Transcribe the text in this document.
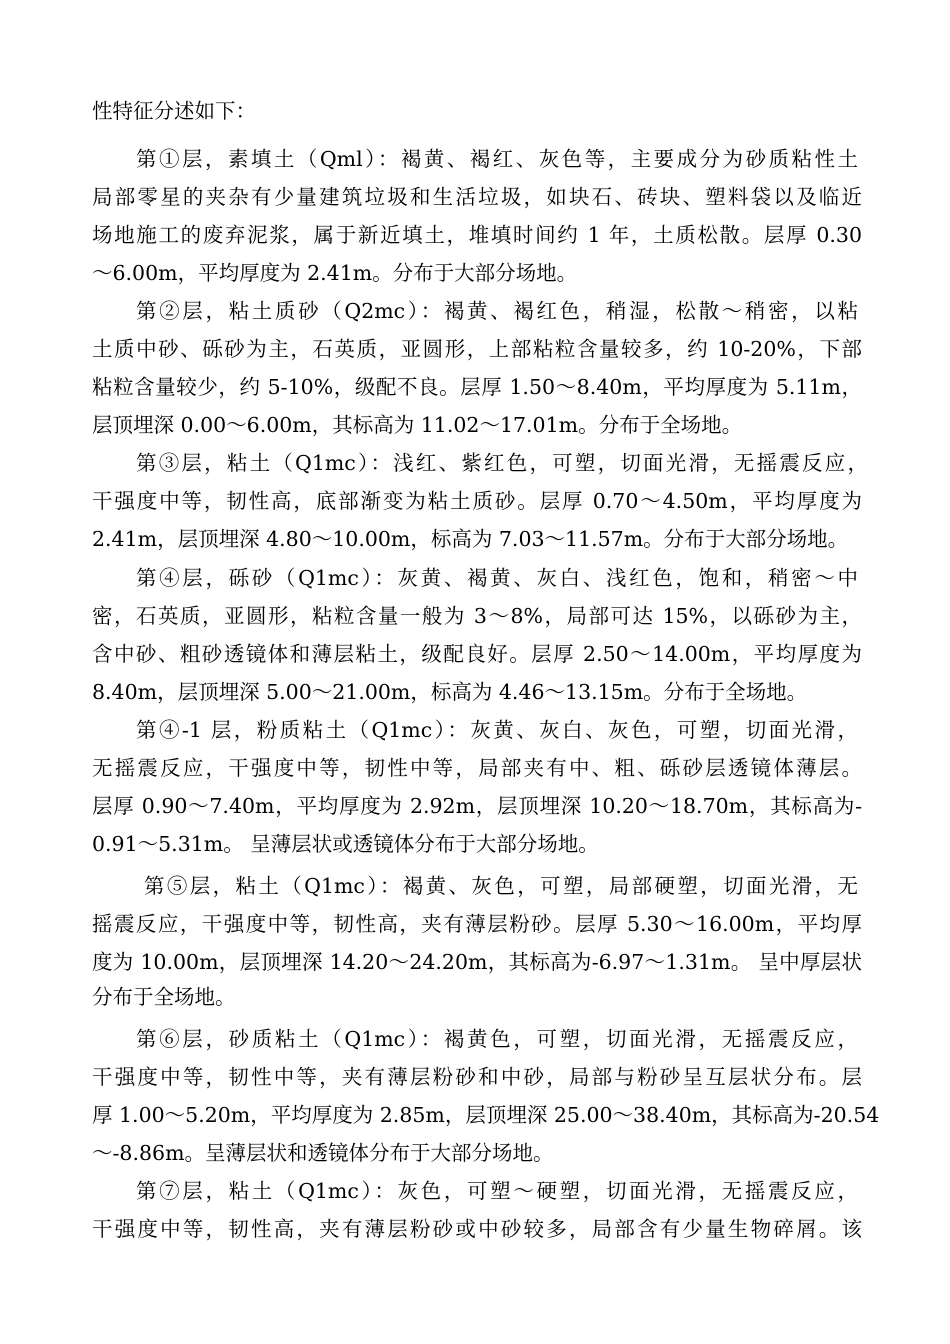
性特征分述如下：
第①层，素填土（Qml）：褐黄、褐红、灰色等，主要成分为砂质粘性土
局部零星的夹杂有少量建筑垃圾和生活垃圾，如块石、砖块、塑料袋以及临近
场地施工的废弃泥浆，属于新近填土，堆填时间约 1 年，土质松散。层厚 0.30
～6.00m，平均厚度为 2.41m。分布于大部分场地。
第②层，粘土质砂（Q2mc）：褐黄、褐红色，稍湿，松散～稍密，以粘
土质中砂、砾砂为主，石英质，亚圆形，上部粘粒含量较多，约 10-20%，下部
粘粒含量较少，约 5-10%，级配不良。层厚 1.50～8.40m，平均厚度为 5.11m，
层顶埋深 0.00～6.00m，其标高为 11.02～17.01m。分布于全场地。
第③层，粘土（Q1mc）：浅红、紫红色，可塑，切面光滑，无摇震反应，
干强度中等，韧性高，底部渐变为粘土质砂。层厚 0.70～4.50m，平均厚度为
2.41m，层顶埋深 4.80～10.00m，标高为 7.03～11.57m。分布于大部分场地。
第④层，砾砂（Q1mc）：灰黄、褐黄、灰白、浅红色，饱和，稍密～中
密，石英质，亚圆形，粘粒含量一般为 3～8%，局部可达 15%，以砾砂为主，
含中砂、粗砂透镜体和薄层粘土，级配良好。层厚 2.50～14.00m，平均厚度为
8.40m，层顶埋深 5.00～21.00m，标高为 4.46～13.15m。分布于全场地。
第④-1 层，粉质粘土（Q1mc）：灰黄、灰白、灰色，可塑，切面光滑，
无摇震反应，干强度中等，韧性中等，局部夹有中、粗、砾砂层透镜体薄层。
层厚 0.90～7.40m，平均厚度为 2.92m，层顶埋深 10.20～18.70m，其标高为-
0.91～5.31m。 呈薄层状或透镜体分布于大部分场地。
第⑤层，粘土（Q1mc）：褐黄、灰色，可塑，局部硬塑，切面光滑，无
摇震反应，干强度中等，韧性高，夹有薄层粉砂。层厚 5.30～16.00m，平均厚
度为 10.00m，层顶埋深 14.20～24.20m，其标高为-6.97～1.31m。 呈中厚层状
分布于全场地。
第⑥层，砂质粘土（Q1mc）：褐黄色，可塑，切面光滑，无摇震反应，
干强度中等，韧性中等，夹有薄层粉砂和中砂，局部与粉砂呈互层状分布。层
厚 1.00～5.20m，平均厚度为 2.85m，层顶埋深 25.00～38.40m，其标高为-20.54
～-8.86m。呈薄层状和透镜体分布于大部分场地。
第⑦层，粘土（Q1mc）：灰色，可塑～硬塑，切面光滑，无摇震反应，
干强度中等，韧性高，夹有薄层粉砂或中砂较多，局部含有少量生物碎屑。该
